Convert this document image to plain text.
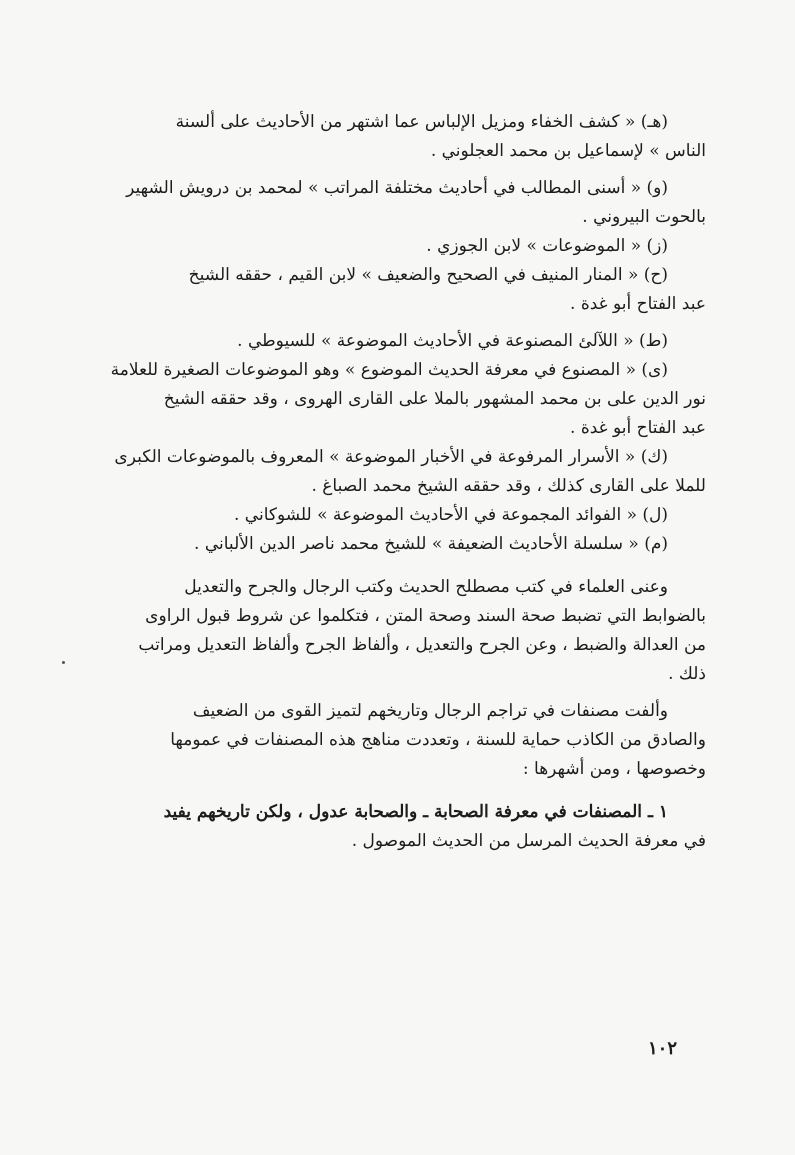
(هـ) « كشف الخفاء ومزيل الإلباس عما اشتهر من الأحاديث على ألسنة
الناس » لإسماعيل بن محمد العجلوني .
(و) « أسنى المطالب في أحاديث مختلفة المراتب » لمحمد بن درويش الشهير
بالحوت البيروني .
(ز) « الموضوعات » لابن الجوزي .
(ح) « المنار المنيف في الصحيح والضعيف » لابن القيم ، حققه الشيخ
عبد الفتاح أبو غدة .
(ط) « اللآلئ المصنوعة في الأحاديث الموضوعة » للسيوطي .
(ى) « المصنوع في معرفة الحديث الموضوع » وهو الموضوعات الصغيرة للعلامة
نور الدين على بن محمد المشهور بالملا على القارى الهروى ، وقد حققه الشيخ
عبد الفتاح أبو غدة .
(ك) « الأسرار المرفوعة في الأخبار الموضوعة » المعروف بالموضوعات الكبرى
للملا على القارى كذلك ، وقد حققه الشيخ محمد الصباغ .
(ل) « الفوائد المجموعة في الأحاديث الموضوعة » للشوكاني .
(م) « سلسلة الأحاديث الضعيفة » للشيخ محمد ناصر الدين الألباني .
وعنى العلماء في كتب مصطلح الحديث وكتب الرجال والجرح والتعديل
بالضوابط التي تضبط صحة السند وصحة المتن ، فتكلموا عن شروط قبول الراوى
من العدالة والضبط ، وعن الجرح والتعديل ، وألفاظ الجرح وألفاظ التعديل ومراتب
ذلك .
وألفت مصنفات في تراجم الرجال وتاريخهم لتميز القوى من الضعيف
والصادق من الكاذب حماية للسنة ، وتعددت مناهج هذه المصنفات في عمومها
وخصوصها ، ومن أشهرها :
١ ـ المصنفات في معرفة الصحابة ـ والصحابة عدول ، ولكن تاريخهم يفيد
في معرفة الحديث المرسل من الحديث الموصول .
١٠٢
